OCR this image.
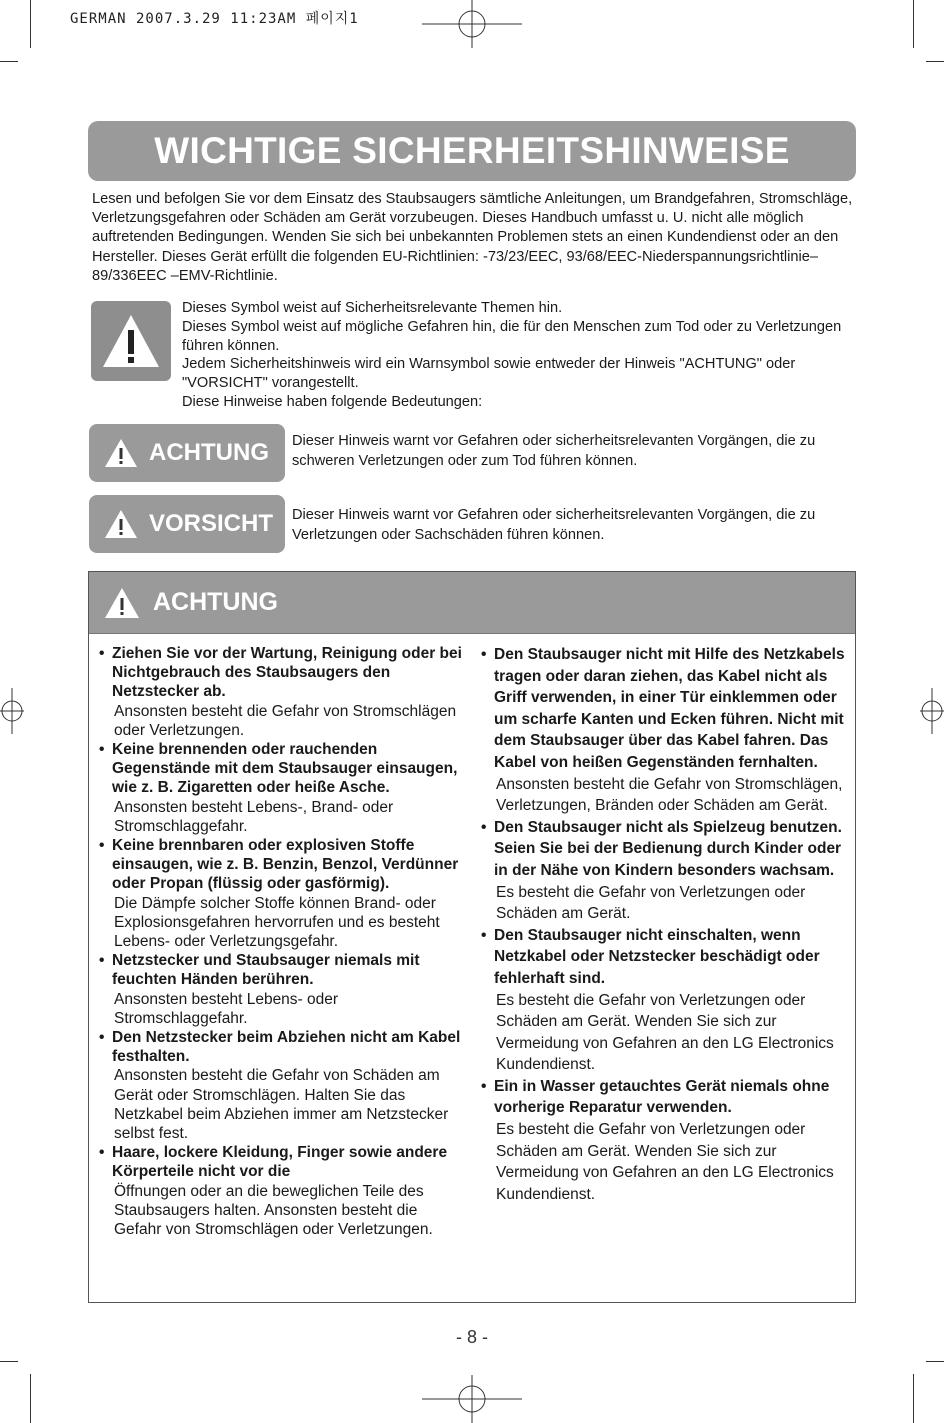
GERMAN 2007.3.29 11:23AM 페이지1
WICHTIGE SICHERHEITSHINWEISE

Lesen und befolgen Sie vor dem Einsatz des Staubsaugers sämtliche Anleitungen, um Brandgefahren, Stromschläge, Verletzungsgefahren oder Schäden am Gerät vorzubeugen. Dieses Handbuch umfasst u. U. nicht alle möglich auftretenden Bedingungen. Wenden Sie sich bei unbekannten Problemen stets an einen Kundendienst oder an den Hersteller. Dieses Gerät erfüllt die folgenden EU-Richtlinien: -73/23/EEC, 93/68/EEC-Niederspannungsrichtlinie–89/336EEC –EMV-Richtlinie.

Dieses Symbol weist auf Sicherheitsrelevante Themen hin.
Dieses Symbol weist auf mögliche Gefahren hin, die für den Menschen zum Tod oder zu Verletzungen führen können.
Jedem Sicherheitshinweis wird ein Warnsymbol sowie entweder der Hinweis "ACHTUNG" oder "VORSICHT" vorangestellt.
Diese Hinweise haben folgende Bedeutungen:
ACHTUNG Dieser Hinweis warnt vor Gefahren oder sicherheitsrelevanten Vorgängen, die zu schweren Verletzungen oder zum Tod führen können.
VORSICHT Dieser Hinweis warnt vor Gefahren oder sicherheitsrelevanten Vorgängen, die zu Verletzungen oder Sachschäden führen können.
ACHTUNG
• Ziehen Sie vor der Wartung, Reinigung oder bei Nichtgebrauch des Staubsaugers den Netzstecker ab.
Ansonsten besteht die Gefahr von Stromschlägen oder Verletzungen.
• Keine brennenden oder rauchenden Gegenstände mit dem Staubsauger einsaugen, wie z. B. Zigaretten oder heiße Asche.
Ansonsten besteht Lebens-, Brand- oder Stromschlaggefahr.
• Keine brennbaren oder explosiven Stoffe einsaugen, wie z. B. Benzin, Benzol, Verdünner oder Propan (flüssig oder gasförmig).
Die Dämpfe solcher Stoffe können Brand- oder Explosionsgefahren hervorrufen und es besteht Lebens- oder Verletzungsgefahr.
• Netzstecker und Staubsauger niemals mit feuchten Händen berühren.
Ansonsten besteht Lebens- oder Stromschlaggefahr.
• Den Netzstecker beim Abziehen nicht am Kabel festhalten.
Ansonsten besteht die Gefahr von Schäden am Gerät oder Stromschlägen. Halten Sie das Netzkabel beim Abziehen immer am Netzstecker selbst fest.
• Haare, lockere Kleidung, Finger sowie andere Körperteile nicht vor die
Öffnungen oder an die beweglichen Teile des Staubsaugers halten. Ansonsten besteht die Gefahr von Stromschlägen oder Verletzungen.
• Den Staubsauger nicht mit Hilfe des Netzkabels tragen oder daran ziehen, das Kabel nicht als Griff verwenden, in einer Tür einklemmen oder um scharfe Kanten und Ecken führen. Nicht mit dem Staubsauger über das Kabel fahren. Das Kabel von heißen Gegenständen fernhalten.
Ansonsten besteht die Gefahr von Stromschlägen, Verletzungen, Bränden oder Schäden am Gerät.
• Den Staubsauger nicht als Spielzeug benutzen. Seien Sie bei der Bedienung durch Kinder oder in der Nähe von Kindern besonders wachsam.
Es besteht die Gefahr von Verletzungen oder Schäden am Gerät.
• Den Staubsauger nicht einschalten, wenn Netzkabel oder Netzstecker beschädigt oder fehlerhaft sind.
Es besteht die Gefahr von Verletzungen oder Schäden am Gerät. Wenden Sie sich zur Vermeidung von Gefahren an den LG Electronics Kundendienst.
• Ein in Wasser getauchtes Gerät niemals ohne vorherige Reparatur verwenden.
Es besteht die Gefahr von Verletzungen oder Schäden am Gerät. Wenden Sie sich zur Vermeidung von Gefahren an den LG Electronics Kundendienst.
- 8 -
